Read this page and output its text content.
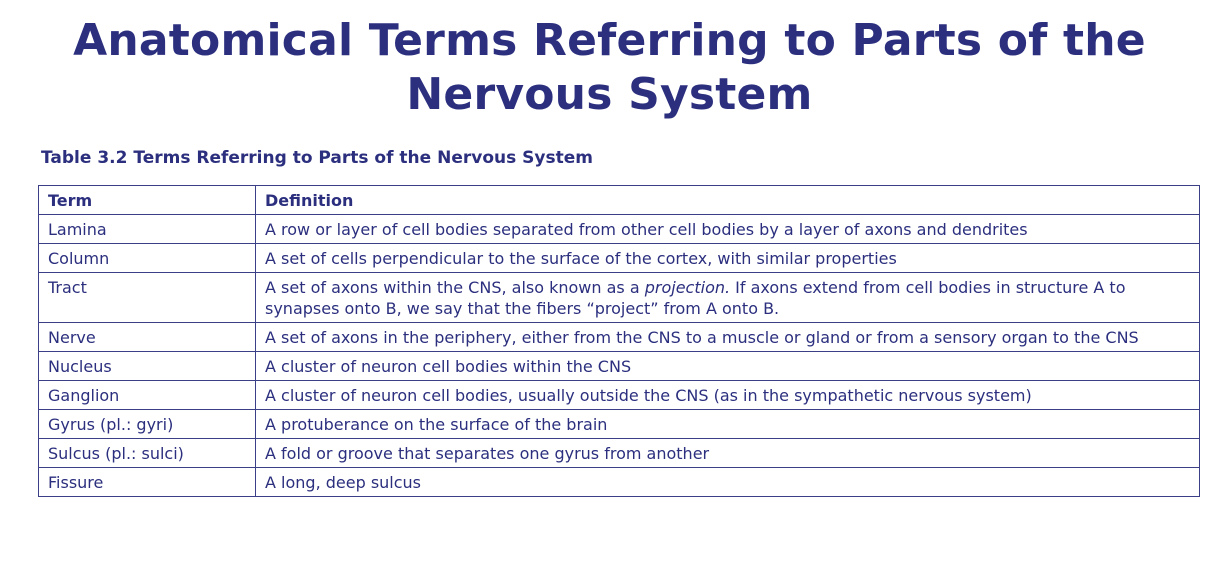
Anatomical Terms Referring to Parts of the
Nervous System

Table 3.2 Terms Referring to Parts of the Nervous System

Term	Definition
Lamina	A row or layer of cell bodies separated from other cell bodies by a layer of axons and dendrites
Column	A set of cells perpendicular to the surface of the cortex, with similar properties
Tract	A set of axons within the CNS, also known as a projection. If axons extend from cell bodies in structure A to synapses onto B, we say that the fibers “project” from A onto B.
Nerve	A set of axons in the periphery, either from the CNS to a muscle or gland or from a sensory organ to the CNS
Nucleus	A cluster of neuron cell bodies within the CNS
Ganglion	A cluster of neuron cell bodies, usually outside the CNS (as in the sympathetic nervous system)
Gyrus (pl.: gyri)	A protuberance on the surface of the brain
Sulcus (pl.: sulci)	A fold or groove that separates one gyrus from another
Fissure	A long, deep sulcus
